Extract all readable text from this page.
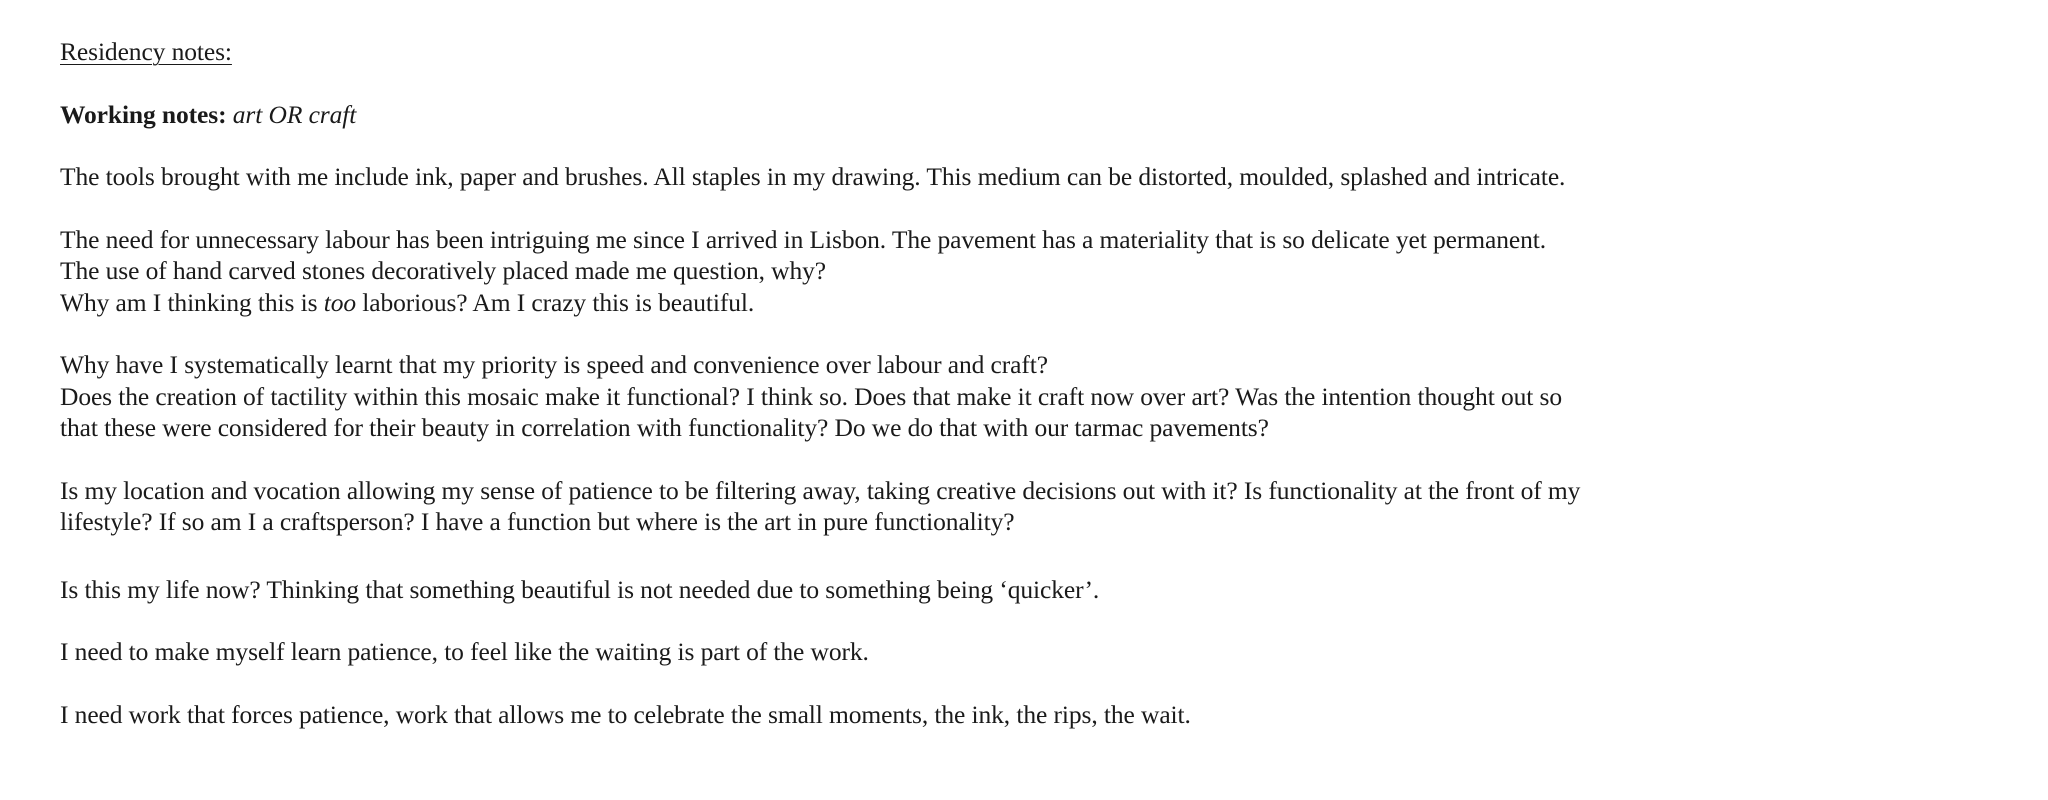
Residency notes:

Working notes: art OR craft

The tools brought with me include ink, paper and brushes. All staples in my drawing. This medium can be distorted, moulded, splashed and intricate.

The need for unnecessary labour has been intriguing me since I arrived in Lisbon. The pavement has a materiality that is so delicate yet permanent.
The use of hand carved stones decoratively placed made me question, why?
Why am I thinking this is too laborious? Am I crazy this is beautiful.

Why have I systematically learnt that my priority is speed and convenience over labour and craft?
Does the creation of tactility within this mosaic make it functional? I think so. Does that make it craft now over art? Was the intention thought out so
that these were considered for their beauty in correlation with functionality? Do we do that with our tarmac pavements?

Is my location and vocation allowing my sense of patience to be filtering away, taking creative decisions out with it? Is functionality at the front of my
lifestyle? If so am I a craftsperson? I have a function but where is the art in pure functionality?

Is this my life now? Thinking that something beautiful is not needed due to something being ‘quicker’.

I need to make myself learn patience, to feel like the waiting is part of the work.

I need work that forces patience, work that allows me to celebrate the small moments, the ink, the rips, the wait.
